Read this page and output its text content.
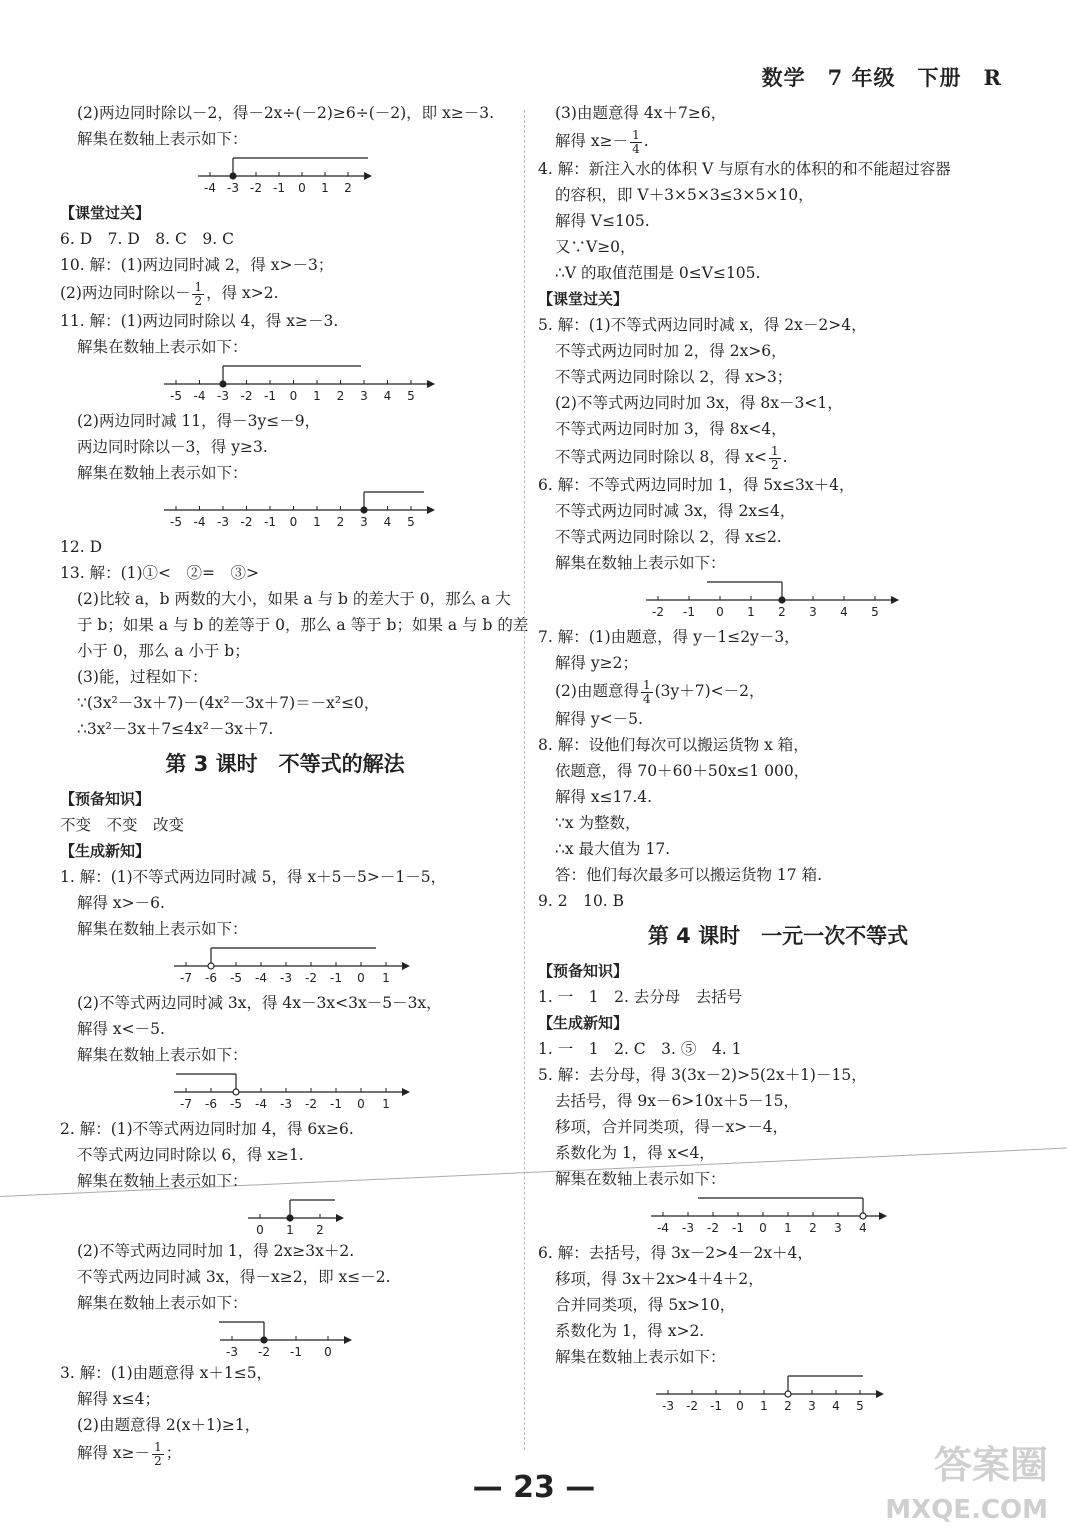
数学　7 年级　下册　R
(2)两边同时除以－2，得－2x÷(－2)≥6÷(－2)，即 x≥－3.
解集在数轴上表示如下：
-4 -3 -2 -1 0 1 2
【课堂过关】
6. D　7. D　8. C　9. C
10. 解：(1)两边同时减 2，得 x>－3；
(2)两边同时除以－ $\frac{1}{2}$ ，得 x>2.
11. 解：(1)两边同时除以 4，得 x≥－3.
解集在数轴上表示如下：
-5 -4 -3 -2 -1 0 1 2 3 4 5
(2)两边同时减 11，得－3y≤－9，
两边同时除以－3，得 y≥3.
解集在数轴上表示如下：
-5 -4 -3 -2 -1 0 1 2 3 4 5
12. D
13. 解：(1)①<　②=　③>
(2)比较 a，b 两数的大小，如果 a 与 b 的差大于 0，那么 a 大
于 b；如果 a 与 b 的差等于 0，那么 a 等于 b；如果 a 与 b 的差
小于 0，那么 a 小于 b；
(3)能，过程如下：
∵(3x²－3x＋7)－(4x²－3x＋7)＝－x²≤0，
∴3x²－3x＋7≤4x²－3x＋7.
第 3 课时　不等式的解法
【预备知识】
不变　不变　改变
【生成新知】
1. 解：(1)不等式两边同时减 5，得 x＋5－5>－1－5，
解得 x>－6.
解集在数轴上表示如下：
-7 -6 -5 -4 -3 -2 -1 0 1
(2)不等式两边同时减 3x，得 4x－3x<3x－5－3x，
解得 x<－5.
解集在数轴上表示如下：
-7 -6 -5 -4 -3 -2 -1 0 1
2. 解：(1)不等式两边同时加 4，得 6x≥6.
不等式两边同时除以 6，得 x≥1.
解集在数轴上表示如下：
0 1 2
(2)不等式两边同时加 1，得 2x≥3x＋2.
不等式两边同时减 3x，得－x≥2，即 x≤－2.
解集在数轴上表示如下：
-3 -2 -1 0
3. 解：(1)由题意得 x＋1≤5，
解得 x≤4；
(2)由题意得 2(x＋1)≥1，
解得 $x\ge- \frac{1}{2}$ ；
(3)由题意得 4x＋7≥6，
解得 $x\ge- \frac{1}{4}$ .
4. 解：新注入水的体积 V 与原有水的体积的和不能超过容器
的容积，即 V＋3×5×3≤3×5×10，
解得 V≤105.
又∵V≥0，
∴V 的取值范围是 0≤V≤105.
【课堂过关】
5. 解：(1)不等式两边同时减 x，得 2x－2>4，
不等式两边同时加 2，得 2x>6，
不等式两边同时除以 2，得 x>3；
(2)不等式两边同时加 3x，得 8x－3<1，
不等式两边同时加 3，得 8x<4，
不等式两边同时除以 8，得 $x< \frac{1}{2}$ .
6. 解：不等式两边同时加 1，得 5x≤3x＋4，
不等式两边同时减 3x，得 2x≤4，
不等式两边同时除以 2，得 x≤2.
解集在数轴上表示如下：
-2 -1 0 1 2 3 4 5
7. 解：(1)由题意，得 y－1≤2y－3，
解得 y≥2；
(2)由题意得 $\frac{1}{4} (3y+7)<-2$，
解得 y<－5.
8. 解：设他们每次可以搬运货物 x 箱，
依题意，得 70＋60＋50x≤1 000，
解得 x≤17.4.
∵x 为整数，
∴x 最大值为 17.
答：他们每次最多可以搬运货物 17 箱.
9. 2　10. B
第 4 课时　一元一次不等式
【预备知识】
1. 一　1　2. 去分母　去括号
【生成新知】
1. 一　1　2. C　3. ⑤　4. 1
5. 解：去分母，得 3(3x－2)>5(2x＋1)－15，
去括号，得 9x－6>10x＋5－15，
移项，合并同类项，得－x>－4，
系数化为 1，得 x<4，
解集在数轴上表示如下：
-4 -3 -2 -1 0 1 2 3 4
6. 解：去括号，得 3x－2>4－2x＋4，
移项，得 3x＋2x>4＋4＋2，
合并同类项，得 5x>10，
系数化为 1，得 x>2.
解集在数轴上表示如下：
-3 -2 -1 0 1 2 3 4 5
— 23 —
答案圈
MXQE.COM
